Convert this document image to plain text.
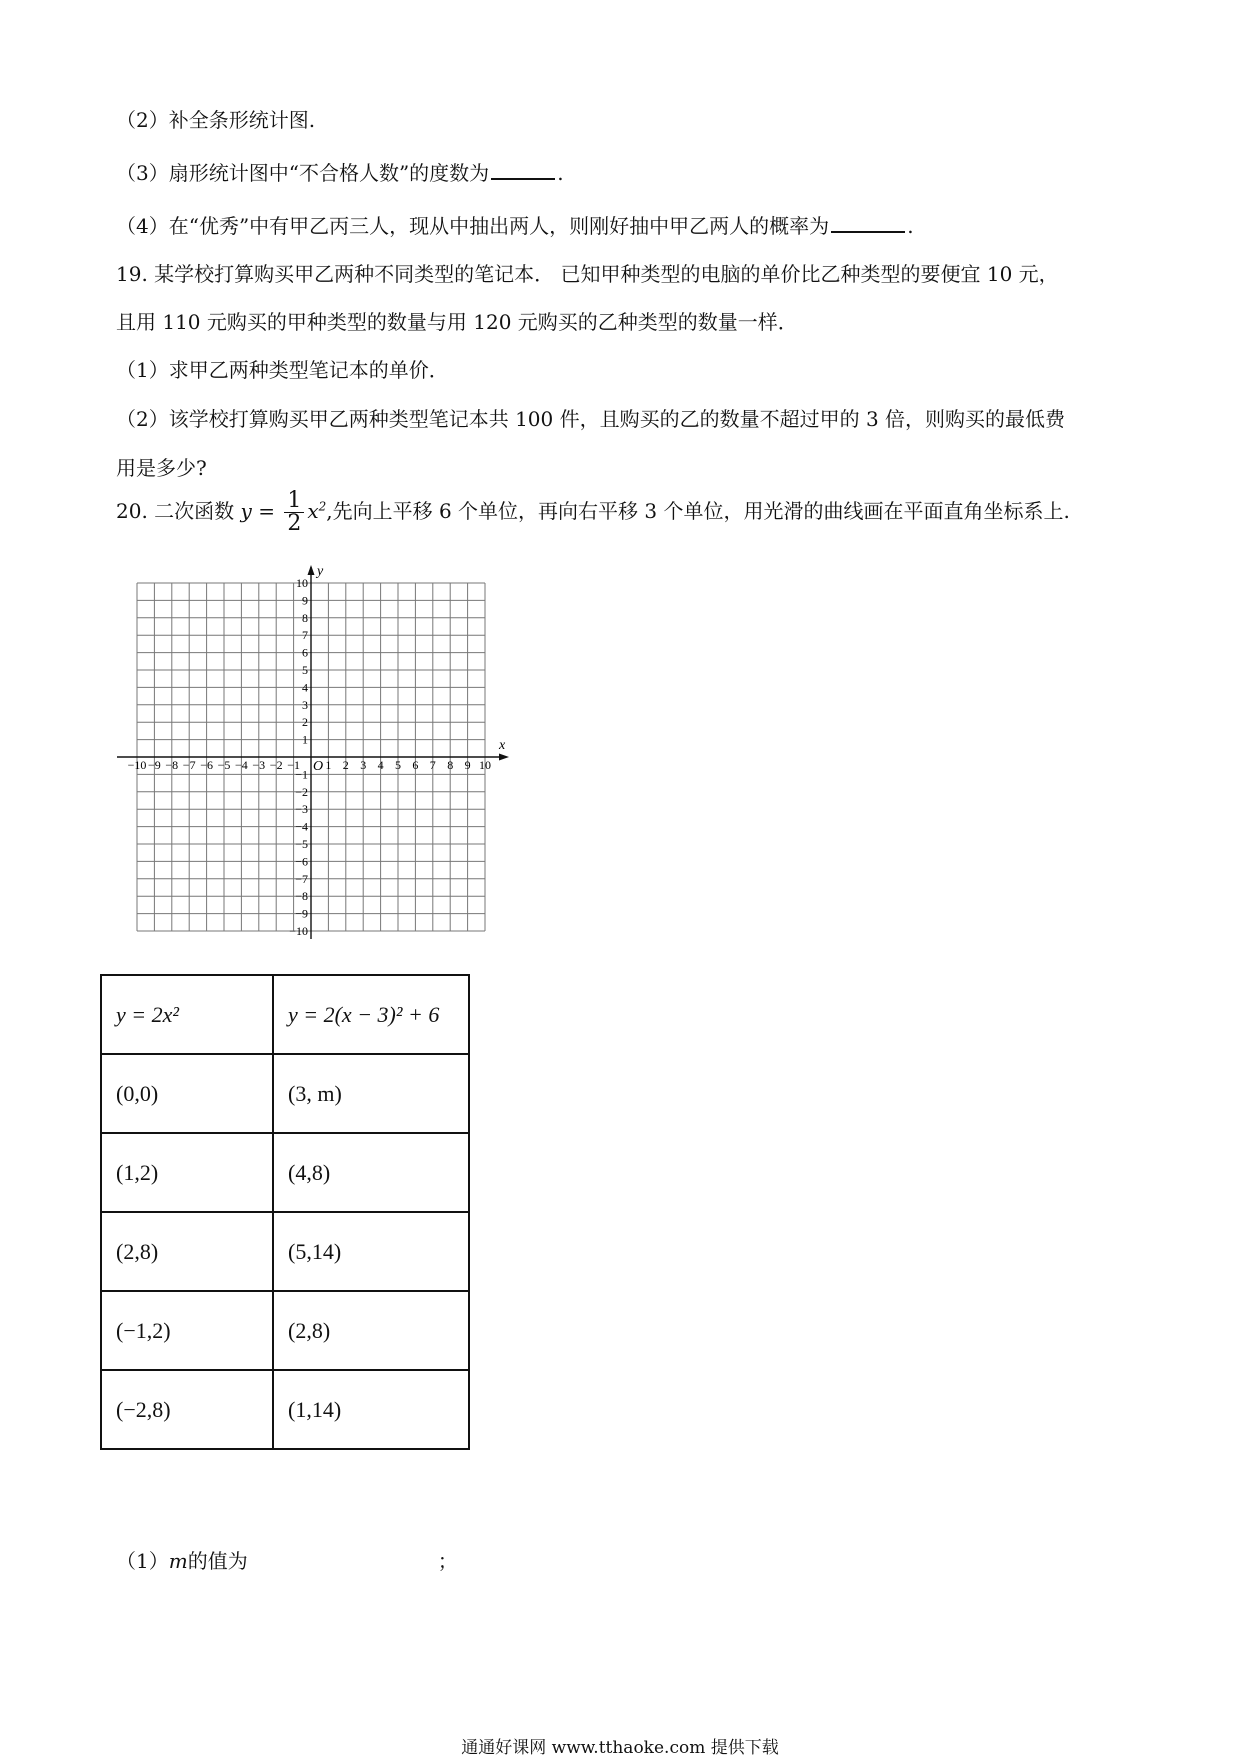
（2）补全条形统计图.
（3）扇形统计图中“不合格人数”的度数为	.
（4）在“优秀”中有甲乙丙三人，现从中抽出两人，则刚好抽中甲乙两人的概率为	.
19. 某学校打算购买甲乙两种不同类型的笔记本． 已知甲种类型的电脑的单价比乙种类型的要便宜 10 元，
且用 110 元购买的甲种类型的数量与用 120 元购买的乙种类型的数量一样．
（1）求甲乙两种类型笔记本的单价．
（2）该学校打算购买甲乙两种类型笔记本共 100 件，且购买的乙的数量不超过甲的 3 倍，则购买的最低费
用是多少?
20. 二次函数 $y = \frac{1}{2} x^2$,先向上平移 6 个单位，再向右平移 3 个单位，用光滑的曲线画在平面直角坐标系上.
−10 −9 −8 −7 −6 −5 −4 −3 −2 −1 1 2 3 4 5 6 7 8 9 10
−10
−9
−8
−7
−6
−5
−4
−3
−2
−1
1
2
3
4
5
6
7
8
9
10
x
y
O
y = 2x²	y = 2(x − 3)² + 6
(0,0)	(3, m)
(1,2)	(4,8)
(2,8)	(5,14)
(−1,2)	(2,8)
(−2,8)	(1,14)
（1）m的值为	；
通通好课网 www.tthaoke.com 提供下载
